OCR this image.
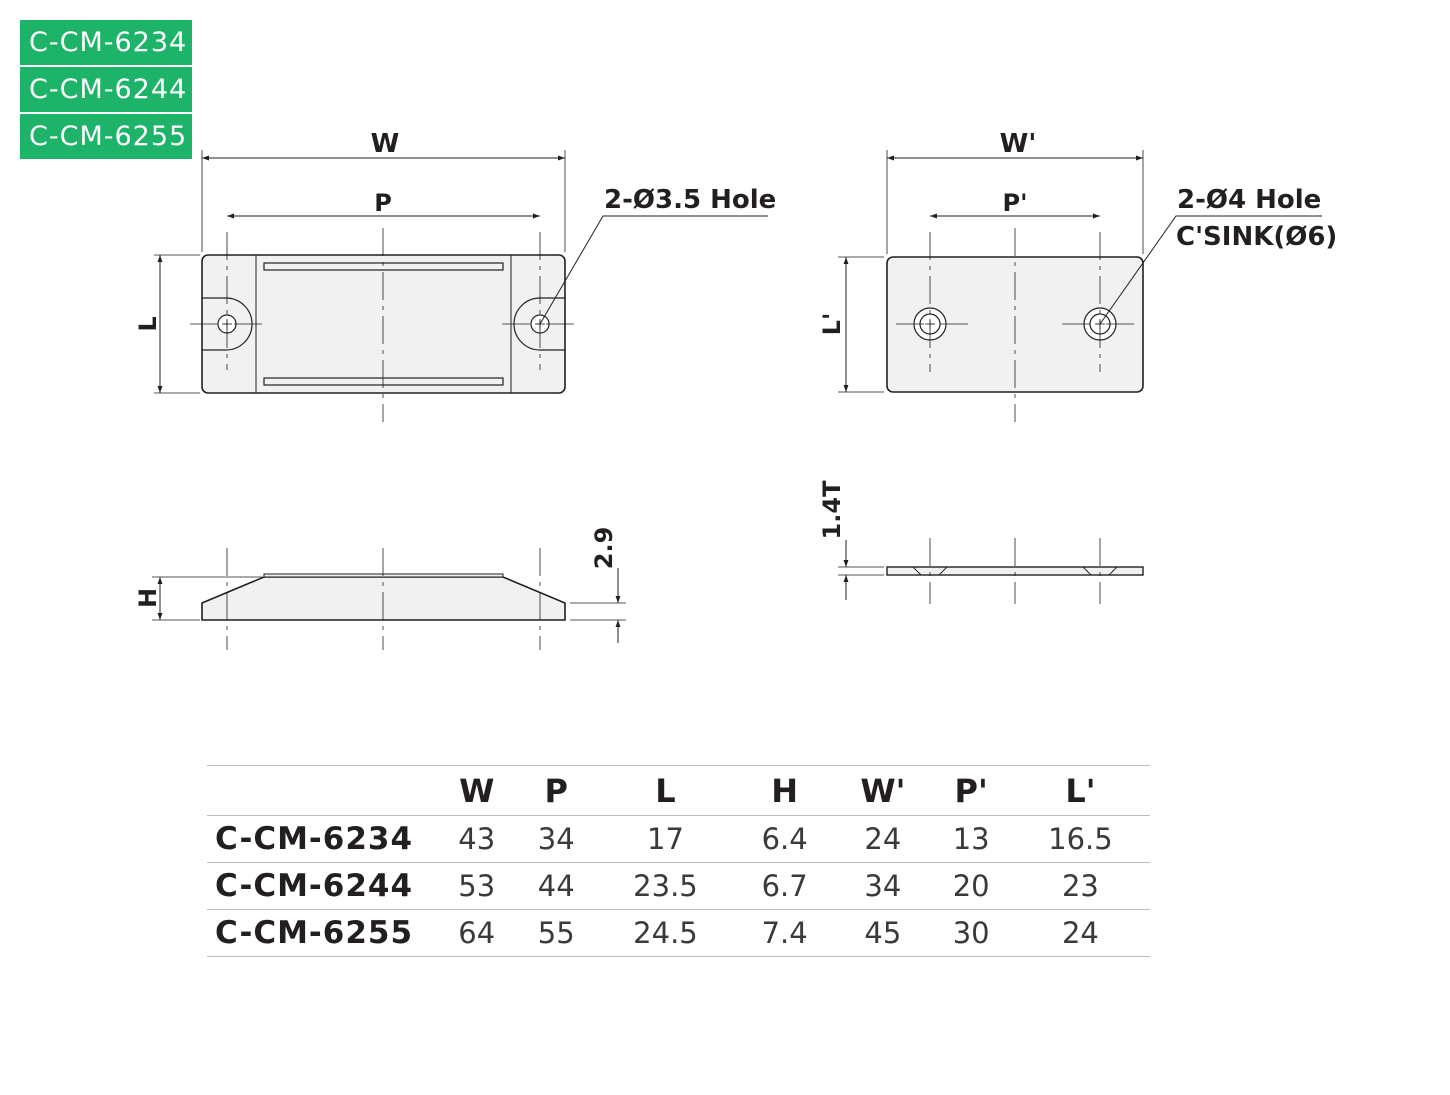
C-CM-6234
C-CM-6244
C-CM-6255	W
P	2-Ø3.5 Hole
L
H
2.9
W'
P'	2-Ø4 Hole
C'SINK(Ø6)
L'
1.4T
	W	P	L	H	W'	P'	L'
C-CM-6234	43	34	17	6.4	24	13	16.5
C-CM-6244	53	44	23.5	6.7	34	20	23
C-CM-6255	64	55	24.5	7.4	45	30	24
